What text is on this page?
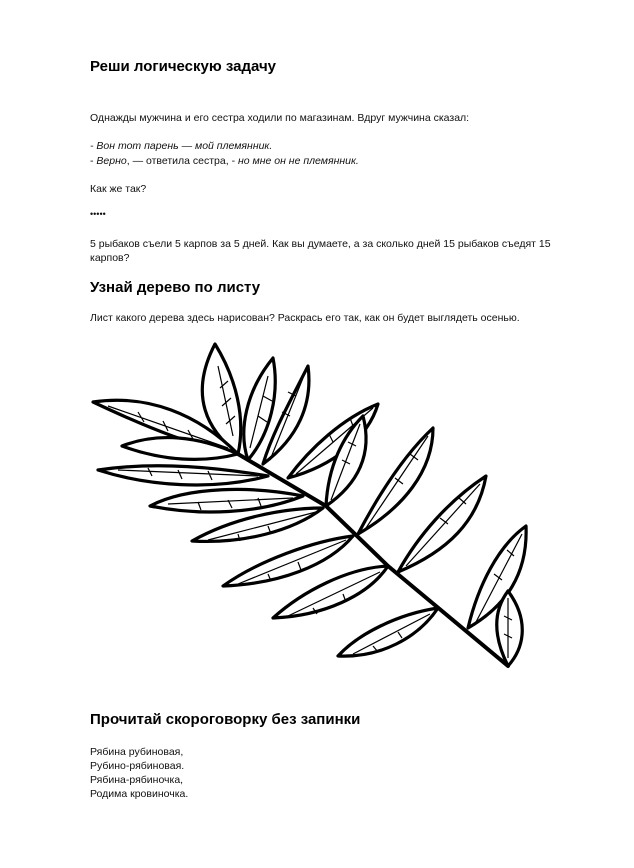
Реши логическую задачу

Однажды мужчина и его сестра ходили по магазинам. Вдруг мужчина сказал:

- Вон тот парень — мой племянник.

- Верно, — ответила сестра, - но мне он не племянник.

Как же так?

•••••

5 рыбаков съели 5 карпов за 5 дней. Как вы думаете, а за сколько дней 15 рыбаков съедят 15

карпов?

Узнай дерево по листу

Лист какого дерева здесь нарисован? Раскрась его так, как он будет выглядеть осенью.

Прочитай скороговорку без запинки

Рябина рубиновая,

Рубино-рябиновая.

Рябина-рябиночка,

Родима кровиночка.
